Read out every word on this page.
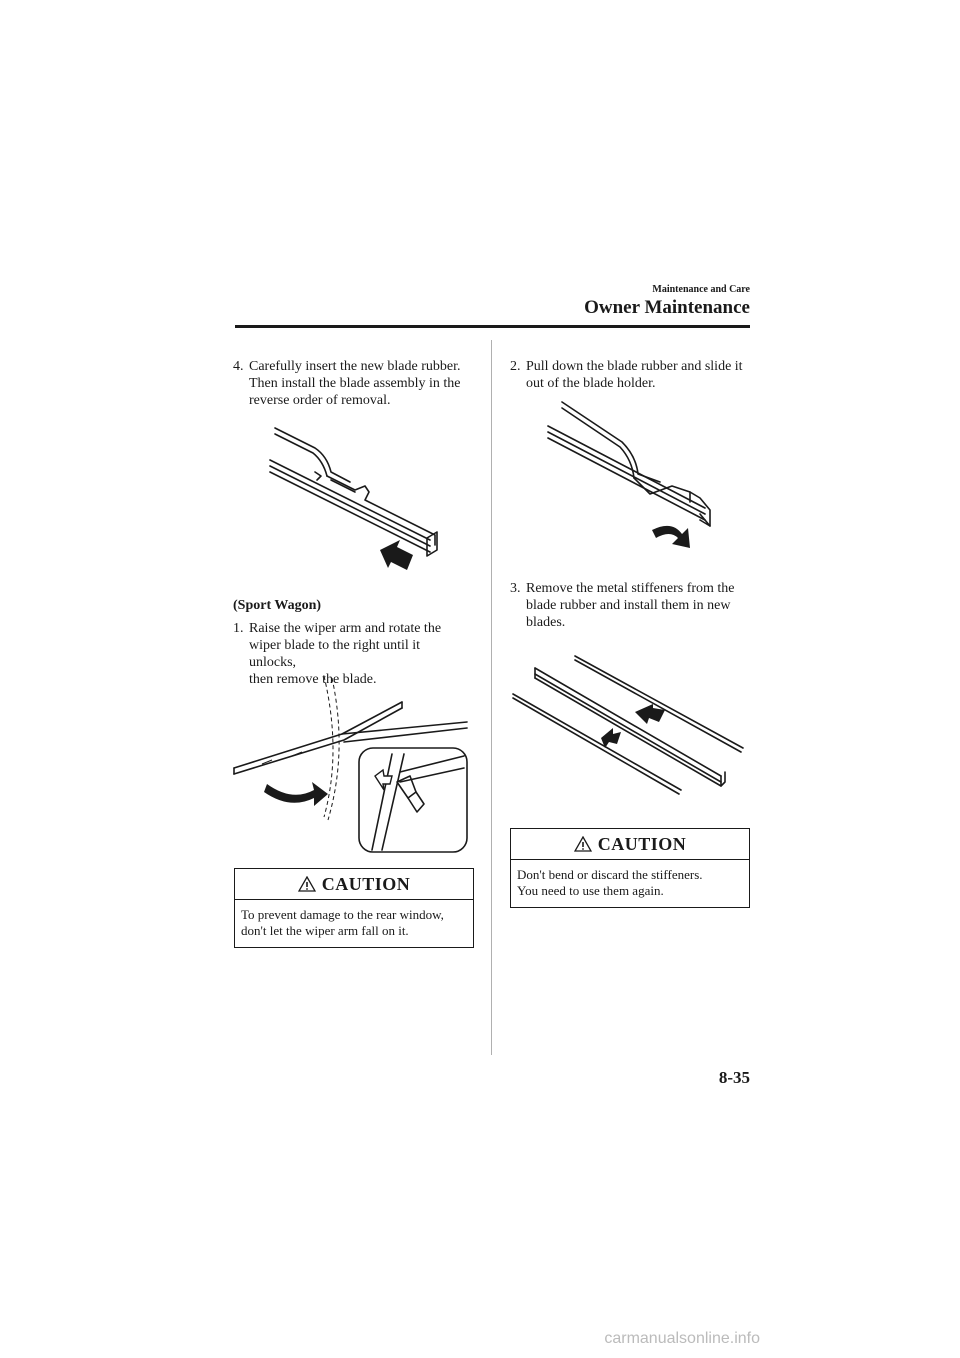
Maintenance and Care
Owner Maintenance
4. Carefully insert the new blade rubber.
Then install the blade assembly in the
reverse order of removal.
(Sport Wagon)
1. Raise the wiper arm and rotate the
wiper blade to the right until it unlocks,
then remove the blade.
CAUTION
To prevent damage to the rear window,
don't let the wiper arm fall on it.
2. Pull down the blade rubber and slide it
out of the blade holder.
3. Remove the metal stiffeners from the
blade rubber and install them in new
blades.
CAUTION
Don't bend or discard the stiffeners.
You need to use them again.
8-35
carmanualsonline.info
